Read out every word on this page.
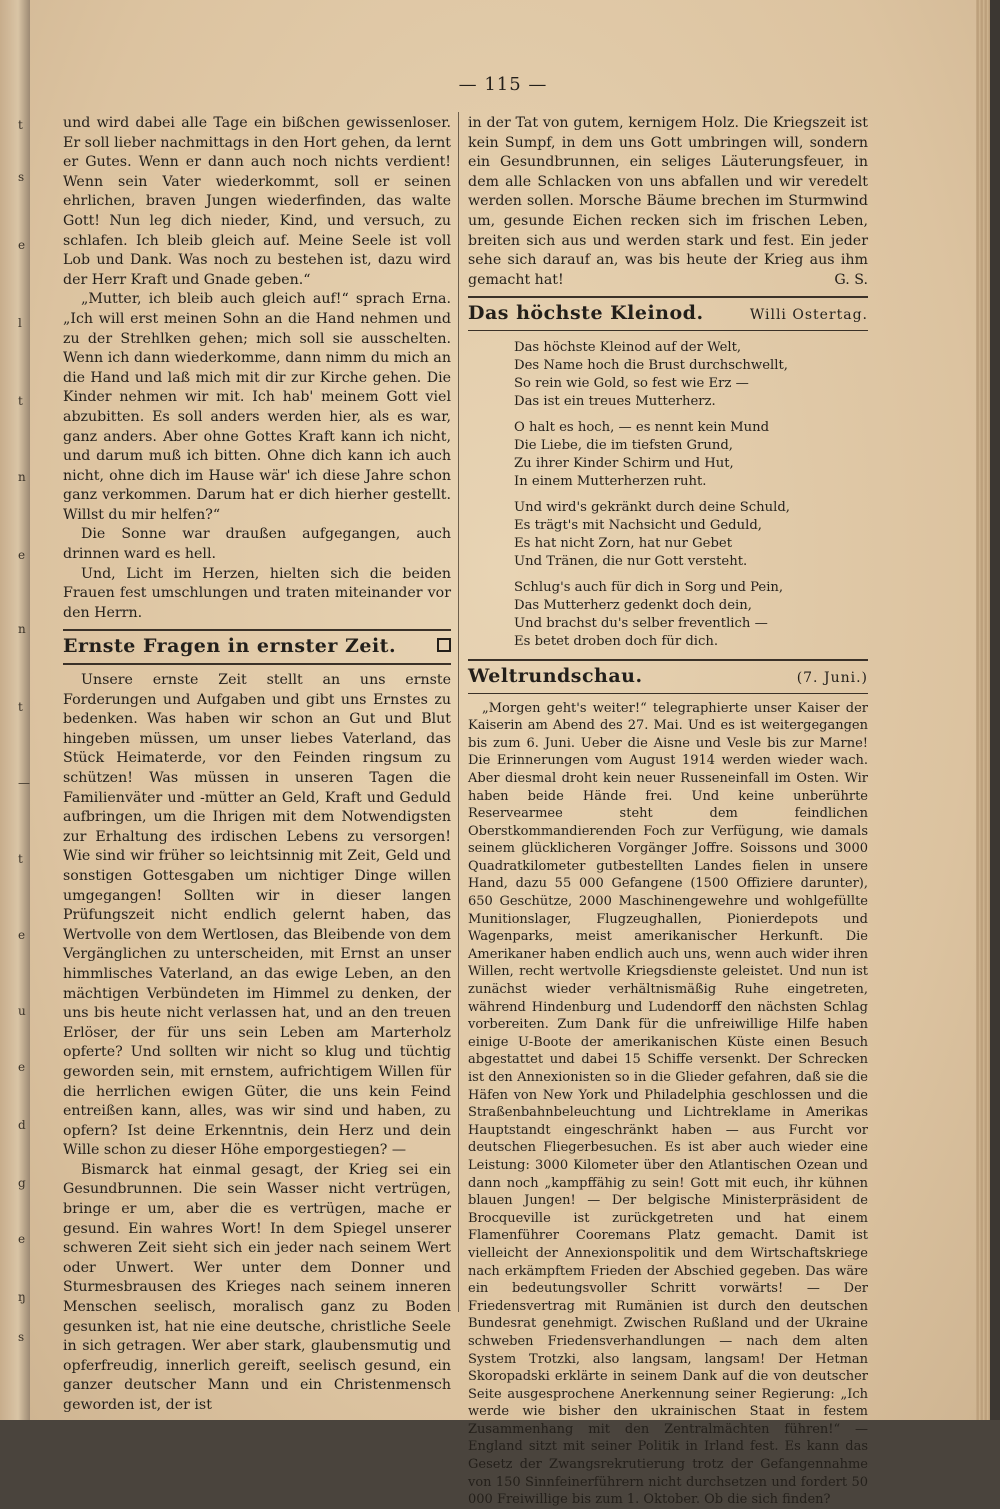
t
s
e
l
t
n
e
n
t
—
t
e
u
e
d
g
e
ŋ
s
— 115 —

und wird dabei alle Tage ein bißchen gewissenloser. Er soll lieber nachmittags in den Hort gehen, da lernt er Gutes. Wenn er dann auch noch nichts verdient! Wenn sein Vater wiederkommt, soll er seinen ehrlichen, braven Jungen wiederfinden, das walte Gott! Nun leg dich nieder, Kind, und versuch, zu schlafen. Ich bleib gleich auf. Meine Seele ist voll Lob und Dank. Was noch zu bestehen ist, dazu wird der Herr Kraft und Gnade geben.“

„Mutter, ich bleib auch gleich auf!“ sprach Erna. „Ich will erst meinen Sohn an die Hand nehmen und zu der Strehlken gehen; mich soll sie ausschelten. Wenn ich dann wiederkomme, dann nimm du mich an die Hand und laß mich mit dir zur Kirche gehen. Die Kinder nehmen wir mit. Ich hab' meinem Gott viel abzubitten. Es soll anders werden hier, als es war, ganz anders. Aber ohne Gottes Kraft kann ich nicht, und darum muß ich bitten. Ohne dich kann ich auch nicht, ohne dich im Hause wär' ich diese Jahre schon ganz verkommen. Darum hat er dich hierher gestellt. Willst du mir helfen?“

Die Sonne war draußen aufgegangen, auch drinnen ward es hell.

Und, Licht im Herzen, hielten sich die beiden Frauen fest umschlungen und traten miteinander vor den Herrn.

Ernste Fragen in ernster Zeit.

Unsere ernste Zeit stellt an uns ernste Forderungen und Aufgaben und gibt uns Ernstes zu bedenken. Was haben wir schon an Gut und Blut hingeben müssen, um unser liebes Vaterland, das Stück Heimaterde, vor den Feinden ringsum zu schützen! Was müssen in unseren Tagen die Familienväter und -mütter an Geld, Kraft und Geduld aufbringen, um die Ihrigen mit dem Notwendigsten zur Erhaltung des irdischen Lebens zu versorgen! Wie sind wir früher so leichtsinnig mit Zeit, Geld und sonstigen Gottesgaben um nichtiger Dinge willen umgegangen! Sollten wir in dieser langen Prüfungszeit nicht endlich gelernt haben, das Wertvolle von dem Wertlosen, das Bleibende von dem Vergänglichen zu unterscheiden, mit Ernst an unser himmlisches Vaterland, an das ewige Leben, an den mächtigen Verbündeten im Himmel zu denken, der uns bis heute nicht verlassen hat, und an den treuen Erlöser, der für uns sein Leben am Marterholz opferte? Und sollten wir nicht so klug und tüchtig geworden sein, mit ernstem, aufrichtigem Willen für die herrlichen ewigen Güter, die uns kein Feind entreißen kann, alles, was wir sind und haben, zu opfern? Ist deine Erkenntnis, dein Herz und dein Wille schon zu dieser Höhe emporgestiegen? —

Bismarck hat einmal gesagt, der Krieg sei ein Gesundbrunnen. Die sein Wasser nicht vertrügen, bringe er um, aber die es vertrügen, mache er gesund. Ein wahres Wort! In dem Spiegel unserer schweren Zeit sieht sich ein jeder nach seinem Wert oder Unwert. Wer unter dem Donner und Sturmesbrausen des Krieges nach seinem inneren Menschen seelisch, moralisch ganz zu Boden gesunken ist, hat nie eine deutsche, christliche Seele in sich getragen. Wer aber stark, glaubensmutig und opferfreudig, innerlich gereift, seelisch gesund, ein ganzer deutscher Mann und ein Christenmensch geworden ist, der ist

in der Tat von gutem, kernigem Holz. Die Kriegszeit ist kein Sumpf, in dem uns Gott umbringen will, sondern ein Gesundbrunnen, ein seliges Läuterungsfeuer, in dem alle Schlacken von uns abfallen und wir veredelt werden sollen. Morsche Bäume brechen im Sturmwind um, gesunde Eichen recken sich im frischen Leben, breiten sich aus und werden stark und fest. Ein jeder sehe sich darauf an, was bis heute der Krieg aus ihm gemacht hat!	G. S.

Das höchste Kleinod.	Willi Ostertag.
Das höchste Kleinod auf der Welt,
Des Name hoch die Brust durchschwellt,
So rein wie Gold, so fest wie Erz —
Das ist ein treues Mutterherz.
O halt es hoch, — es nennt kein Mund
Die Liebe, die im tiefsten Grund,
Zu ihrer Kinder Schirm und Hut,
In einem Mutterherzen ruht.
Und wird's gekränkt durch deine Schuld,
Es trägt's mit Nachsicht und Geduld,
Es hat nicht Zorn, hat nur Gebet
Und Tränen, die nur Gott versteht.
Schlug's auch für dich in Sorg und Pein,
Das Mutterherz gedenkt doch dein,
Und brachst du's selber freventlich —
Es betet droben doch für dich.
Weltrundschau.	(7. Juni.)

„Morgen geht's weiter!“ telegraphierte unser Kaiser der Kaiserin am Abend des 27. Mai. Und es ist weitergegangen bis zum 6. Juni. Ueber die Aisne und Vesle bis zur Marne! Die Erinnerungen vom August 1914 werden wieder wach. Aber diesmal droht kein neuer Russeneinfall im Osten. Wir haben beide Hände frei. Und keine unberührte Reservearmee steht dem feindlichen Oberstkommandierenden Foch zur Verfügung, wie damals seinem glücklicheren Vorgänger Joffre. Soissons und 3000 Quadratkilometer gutbestellten Landes fielen in unsere Hand, dazu 55 000 Gefangene (1500 Offiziere darunter), 650 Geschütze, 2000 Maschinengewehre und wohlgefüllte Munitionslager, Flugzeughallen, Pionierdepots und Wagenparks, meist amerikanischer Herkunft. Die Amerikaner haben endlich auch uns, wenn auch wider ihren Willen, recht wertvolle Kriegsdienste geleistet. Und nun ist zunächst wieder verhältnismäßig Ruhe eingetreten, während Hindenburg und Ludendorff den nächsten Schlag vorbereiten. Zum Dank für die unfreiwillige Hilfe haben einige U-Boote der amerikanischen Küste einen Besuch abgestattet und dabei 15 Schiffe versenkt. Der Schrecken ist den Annexionisten so in die Glieder gefahren, daß sie die Häfen von New York und Philadelphia geschlossen und die Straßenbahnbeleuchtung und Lichtreklame in Amerikas Hauptstandt eingeschränkt haben — aus Furcht vor deutschen Fliegerbesuchen. Es ist aber auch wieder eine Leistung: 3000 Kilometer über den Atlantischen Ozean und dann noch „kampffähig zu sein! Gott mit euch, ihr kühnen blauen Jungen! — Der belgische Ministerpräsident de Brocqueville ist zurückgetreten und hat einem Flamenführer Cooremans Platz gemacht. Damit ist vielleicht der Annexionspolitik und dem Wirtschaftskriege nach erkämpftem Frieden der Abschied gegeben. Das wäre ein bedeutungsvoller Schritt vorwärts! — Der Friedensvertrag mit Rumänien ist durch den deutschen Bundesrat genehmigt. Zwischen Rußland und der Ukraine schweben Friedensverhandlungen — nach dem alten System Trotzki, also langsam, langsam! Der Hetman Skoropadski erklärte in seinem Dank auf die von deutscher Seite ausgesprochene Anerkennung seiner Regierung: „Ich werde wie bisher den ukrainischen Staat in festem Zusammenhang mit den Zentralmächten führen!“ — England sitzt mit seiner Politik in Irland fest. Es kann das Gesetz der Zwangsrekrutierung trotz der Gefangennahme von 150 Sinnfeinerführern nicht durchsetzen und fordert 50 000 Freiwillige bis zum 1. Oktober. Ob die sich finden?
